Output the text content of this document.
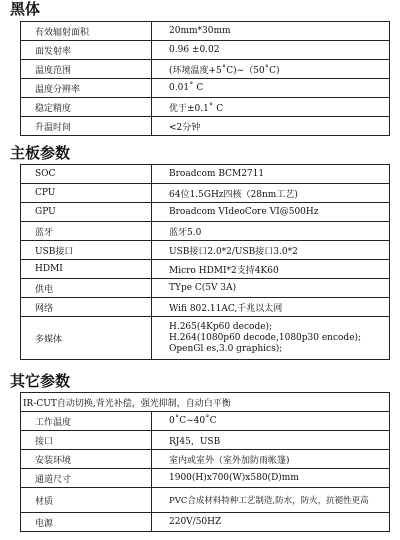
黑体
有效辐射面积	20mm*30mm
面发射率	0.96 ±0.02
温度范围	(环境温度+5˚C)~（50˚C)
温度分辨率	0.01˚ C
稳定精度	优于±0.1˚ C
升温时间	<2分钟
主板参数
SOC	Broadcom BCM2711
CPU	64位1.5GHz四核（28nm工艺)
GPU	Broadcom VIdeoCore VI@500Hz
蓝牙	蓝牙5.0
USB接口	USB接口2.0*2/USB接口3.0*2
HDMI	Micro HDMI*2支持4K60
供电	TYpe C(5V 3A)
网络	Wifi 802.11AC,千兆以太网
多媒体	H.265(4Kp60 decode);
H.264(1080p60 decode,1080p30 encode);
OpenGl es,3.0 graphics);
其它参数
IR-CUT自动切换,背光补偿，强光抑制，自动白平衡	
工作温度	0˚C~40˚C
接口	RJ45，USB
安装环境	室内或室外（室外加防雨帐篷)
通道尺寸	1900(H)x700(W)x580(D)mm
材质	PVC合成材料特种工艺制造,防水，防火，抗褪性更高
电源	220V/50HZ
